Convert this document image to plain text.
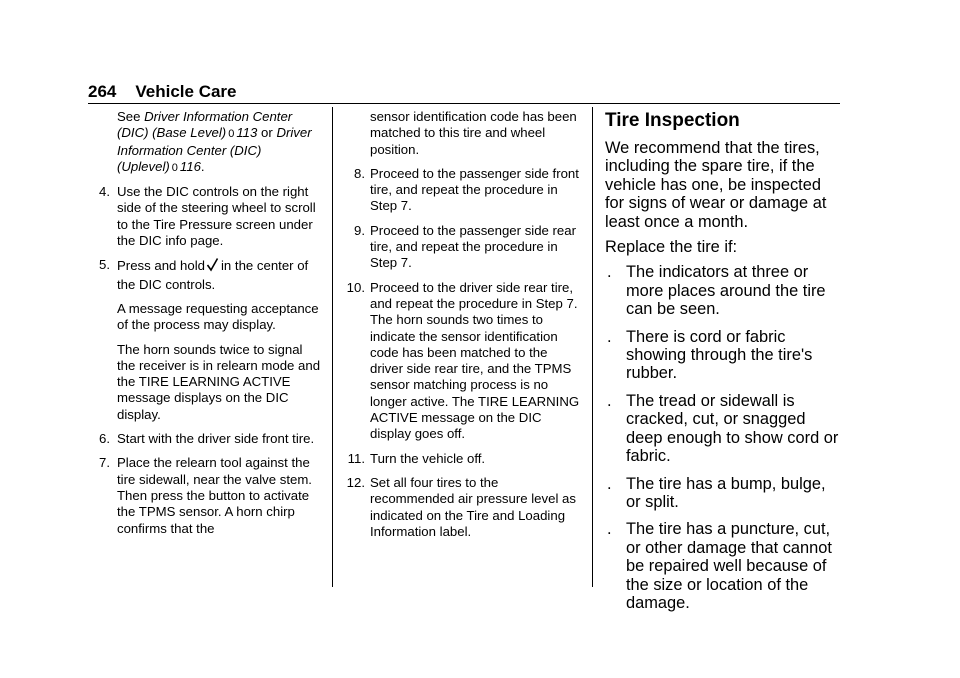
264 Vehicle Care

See Driver Information Center (DIC) (Base Level) 0 113 or Driver Information Center (DIC) (Uplevel) 0 116.

4. Use the DIC controls on the right side of the steering wheel to scroll to the Tire Pressure screen under the DIC info page.
5. Press and hold in the center of the DIC controls.

A message requesting acceptance of the process may display.

The horn sounds twice to signal the receiver is in relearn mode and the TIRE LEARNING ACTIVE message displays on the DIC display.

6. Start with the driver side front tire.
7. Place the relearn tool against the tire sidewall, near the valve stem. Then press the button to activate the TPMS sensor. A horn chirp confirms that the

sensor identification code has been matched to this tire and wheel position.

8. Proceed to the passenger side front tire, and repeat the procedure in Step 7.
9. Proceed to the passenger side rear tire, and repeat the procedure in Step 7.
10. Proceed to the driver side rear tire, and repeat the procedure in Step 7. The horn sounds two times to indicate the sensor identification code has been matched to the driver side rear tire, and the TPMS sensor matching process is no longer active. The TIRE LEARNING ACTIVE message on the DIC display goes off.
11. Turn the vehicle off.
12. Set all four tires to the recommended air pressure level as indicated on the Tire and Loading Information label.
Tire Inspection

We recommend that the tires, including the spare tire, if the vehicle has one, be inspected for signs of wear or damage at least once a month.

Replace the tire if:

. The indicators at three or more places around the tire can be seen.
. There is cord or fabric showing through the tire's rubber.
. The tread or sidewall is cracked, cut, or snagged deep enough to show cord or fabric.
. The tire has a bump, bulge, or split.
. The tire has a puncture, cut, or other damage that cannot be repaired well because of the size or location of the damage.
